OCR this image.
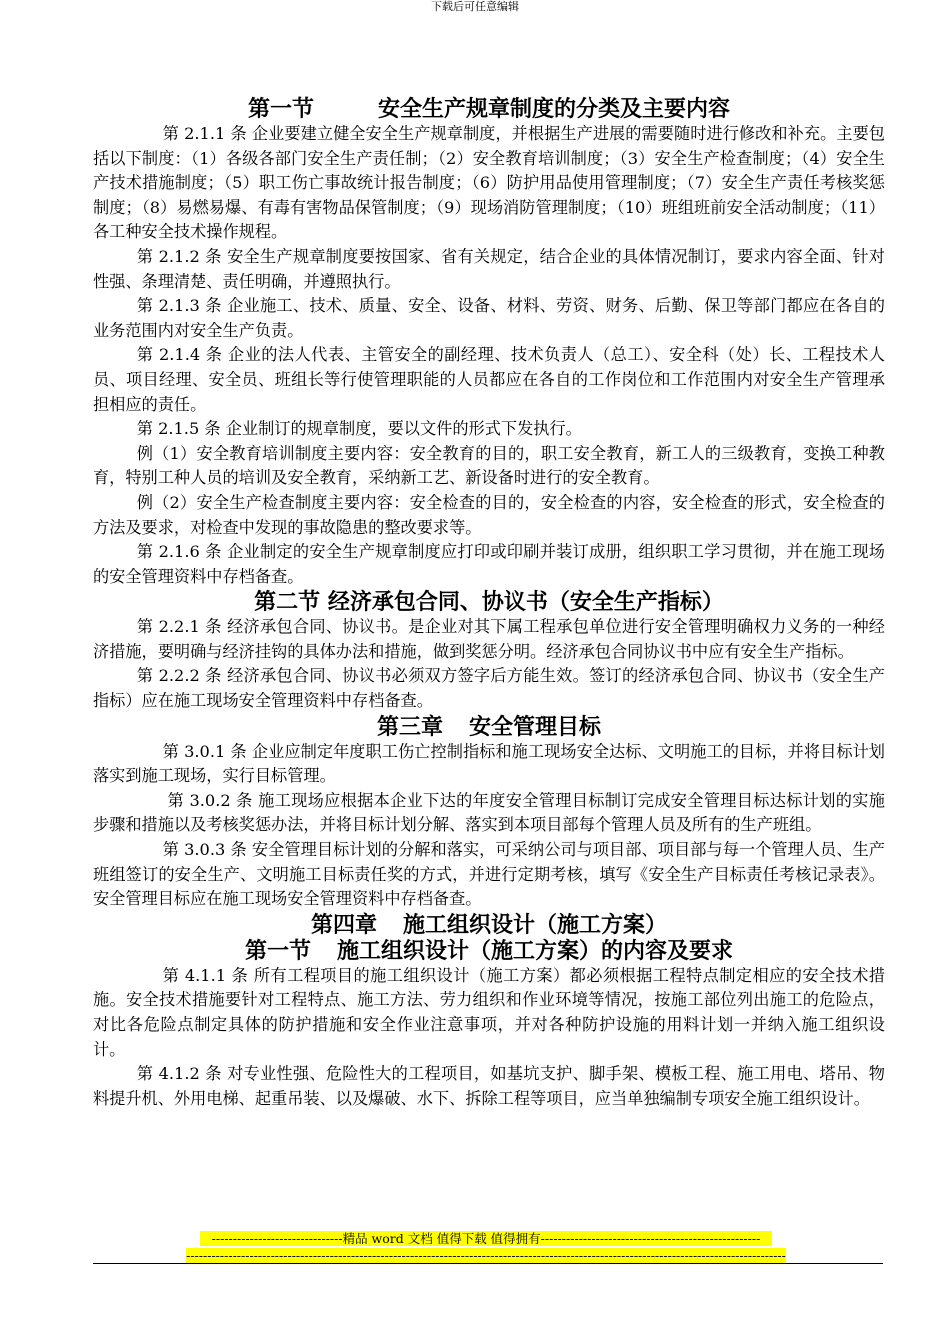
下载后可任意编辑
第一节	安全生产规章制度的分类及主要内容

第 2.1.1 条 企业要建立健全安全生产规章制度，并根据生产进展的需要随时进行修改和补充。主要包括以下制度：（1）各级各部门安全生产责任制；（2）安全教育培训制度；（3）安全生产检查制度；（4）安全生产技术措施制度；（5）职工伤亡事故统计报告制度；（6）防护用品使用管理制度；（7）安全生产责任考核奖惩制度；（8）易燃易爆、有毒有害物品保管制度；（9）现场消防管理制度；（10）班组班前安全活动制度；（11）各工种安全技术操作规程。

第 2.1.2 条 安全生产规章制度要按国家、省有关规定，结合企业的具体情况制订，要求内容全面、针对性强、条理清楚、责任明确，并遵照执行。

第 2.1.3 条 企业施工、技术、质量、安全、设备、材料、劳资、财务、后勤、保卫等部门都应在各自的业务范围内对安全生产负责。

第 2.1.4 条 企业的法人代表、主管安全的副经理、技术负责人（总工）、安全科（处）长、工程技术人员、项目经理、安全员、班组长等行使管理职能的人员都应在各自的工作岗位和工作范围内对安全生产管理承担相应的责任。

第 2.1.5 条 企业制订的规章制度，要以文件的形式下发执行。

例（1）安全教育培训制度主要内容：安全教育的目的，职工安全教育，新工人的三级教育，变换工种教育，特别工种人员的培训及安全教育，采纳新工艺、新设备时进行的安全教育。

例（2）安全生产检查制度主要内容：安全检查的目的，安全检查的内容，安全检查的形式，安全检查的方法及要求，对检查中发现的事故隐患的整改要求等。

第 2.1.6 条 企业制定的安全生产规章制度应打印或印刷并装订成册，组织职工学习贯彻，并在施工现场的安全管理资料中存档备查。

第二节 经济承包合同、协议书（安全生产指标）

第 2.2.1 条 经济承包合同、协议书。是企业对其下属工程承包单位进行安全管理明确权力义务的一种经济措施，要明确与经济挂钩的具体办法和措施，做到奖惩分明。经济承包合同协议书中应有安全生产指标。

第 2.2.2 条 经济承包合同、协议书必须双方签字后方能生效。签订的经济承包合同、协议书（安全生产指标）应在施工现场安全管理资料中存档备查。

第三章 安全管理目标

第 3.0.1 条 企业应制定年度职工伤亡控制指标和施工现场安全达标、文明施工的目标，并将目标计划落实到施工现场，实行目标管理。

第 3.0.2 条 施工现场应根据本企业下达的年度安全管理目标制订完成安全管理目标达标计划的实施步骤和措施以及考核奖惩办法，并将目标计划分解、落实到本项目部每个管理人员及所有的生产班组。

第 3.0.3 条 安全管理目标计划的分解和落实，可采纳公司与项目部、项目部与每一个管理人员、生产班组签订的安全生产、文明施工目标责任奖的方式，并进行定期考核，填写《安全生产目标责任考核记录表》。安全管理目标应在施工现场安全管理资料中存档备查。

第四章 施工组织设计（施工方案）
第一节 施工组织设计（施工方案）的内容及要求

第 4.1.1 条 所有工程项目的施工组织设计（施工方案）都必须根据工程特点制定相应的安全技术措施。安全技术措施要针对工程特点、施工方法、劳力组织和作业环境等情况，按施工部位列出施工的危险点，对比各危险点制定具体的防护措施和安全作业注意事项，并对各种防护设施的用料计划一并纳入施工组织设计。

第 4.1.2 条 对专业性强、危险性大的工程项目，如基坑支护、脚手架、模板工程、施工用电、塔吊、物料提升机、外用电梯、起重吊装、以及爆破、水下、拆除工程等项目，应当单独编制专项安全施工组织设计。

-------------------------------精品 word 文档 值得下载 值得拥有----------------------------------------------------
----------------------------------------------------------------------------------------------------------------------------------------------
